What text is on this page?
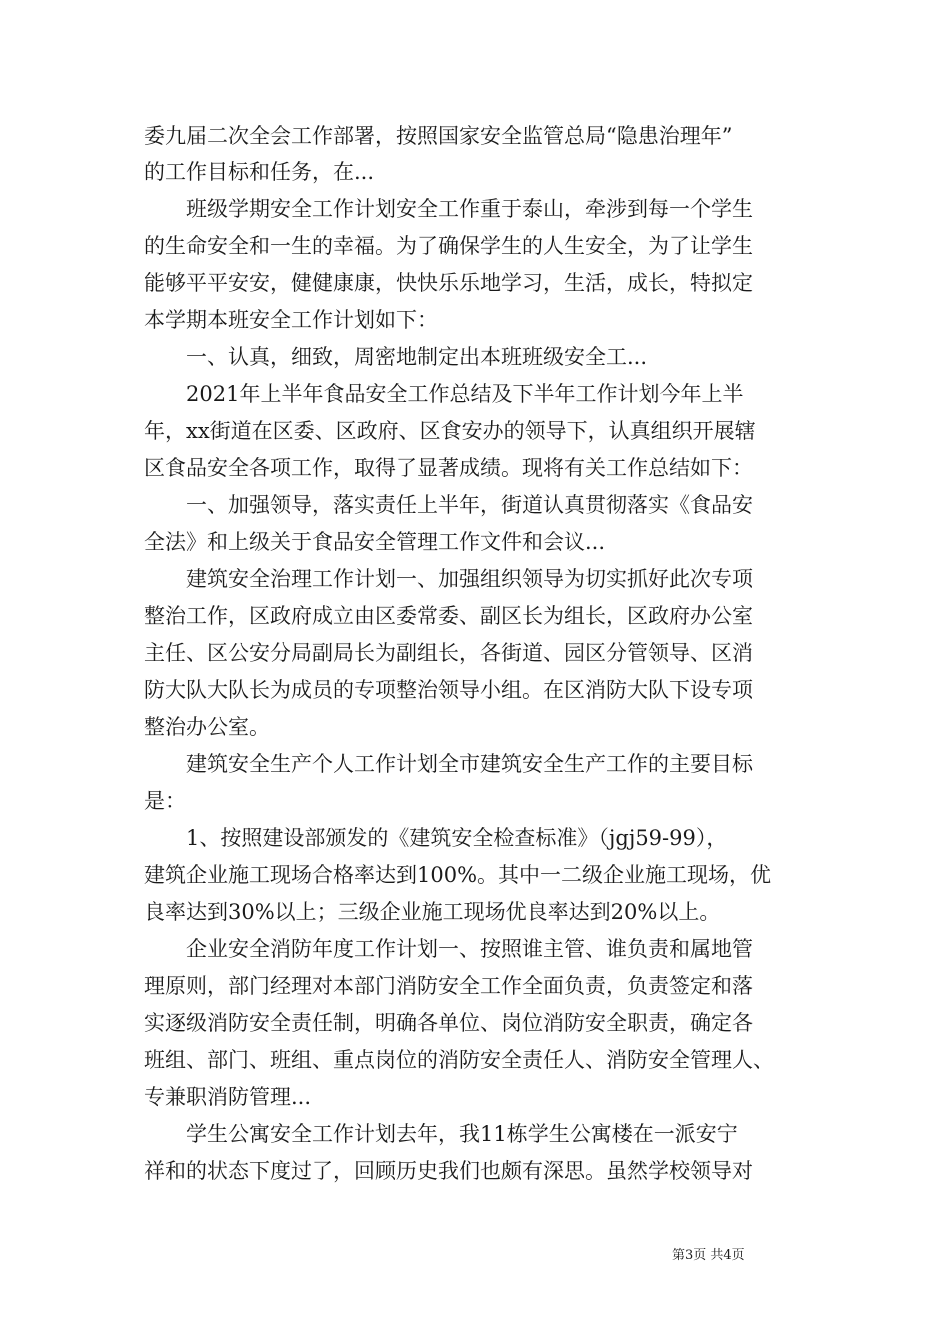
委九届二次全会工作部署，按照国家安全监管总局“隐患治理年”
的工作目标和任务，在...
　　班级学期安全工作计划安全工作重于泰山，牵涉到每一个学生
的生命安全和一生的幸福。为了确保学生的人生安全，为了让学生
能够平平安安，健健康康，快快乐乐地学习，生活，成长，特拟定
本学期本班安全工作计划如下：
　　一、认真，细致，周密地制定出本班班级安全工...
　　2021年上半年食品安全工作总结及下半年工作计划今年上半
年，xx街道在区委、区政府、区食安办的领导下，认真组织开展辖
区食品安全各项工作，取得了显著成绩。现将有关工作总结如下：
　　一、加强领导，落实责任上半年，街道认真贯彻落实《食品安
全法》和上级关于食品安全管理工作文件和会议...
　　建筑安全治理工作计划一、加强组织领导为切实抓好此次专项
整治工作，区政府成立由区委常委、副区长为组长，区政府办公室
主任、区公安分局副局长为副组长，各街道、园区分管领导、区消
防大队大队长为成员的专项整治领导小组。在区消防大队下设专项
整治办公室。
　　建筑安全生产个人工作计划全市建筑安全生产工作的主要目标
是：
　　1、按照建设部颁发的《建筑安全检查标准》（jgj59-99），
建筑企业施工现场合格率达到100%。其中一二级企业施工现场，优
良率达到30%以上；三级企业施工现场优良率达到20%以上。
　　企业安全消防年度工作计划一、按照谁主管、谁负责和属地管
理原则，部门经理对本部门消防安全工作全面负责，负责签定和落
实逐级消防安全责任制，明确各单位、岗位消防安全职责，确定各
班组、部门、班组、重点岗位的消防安全责任人、消防安全管理人、
专兼职消防管理...
　　学生公寓安全工作计划去年，我11栋学生公寓楼在一派安宁
祥和的状态下度过了，回顾历史我们也颇有深思。虽然学校领导对
第3页 共4页
